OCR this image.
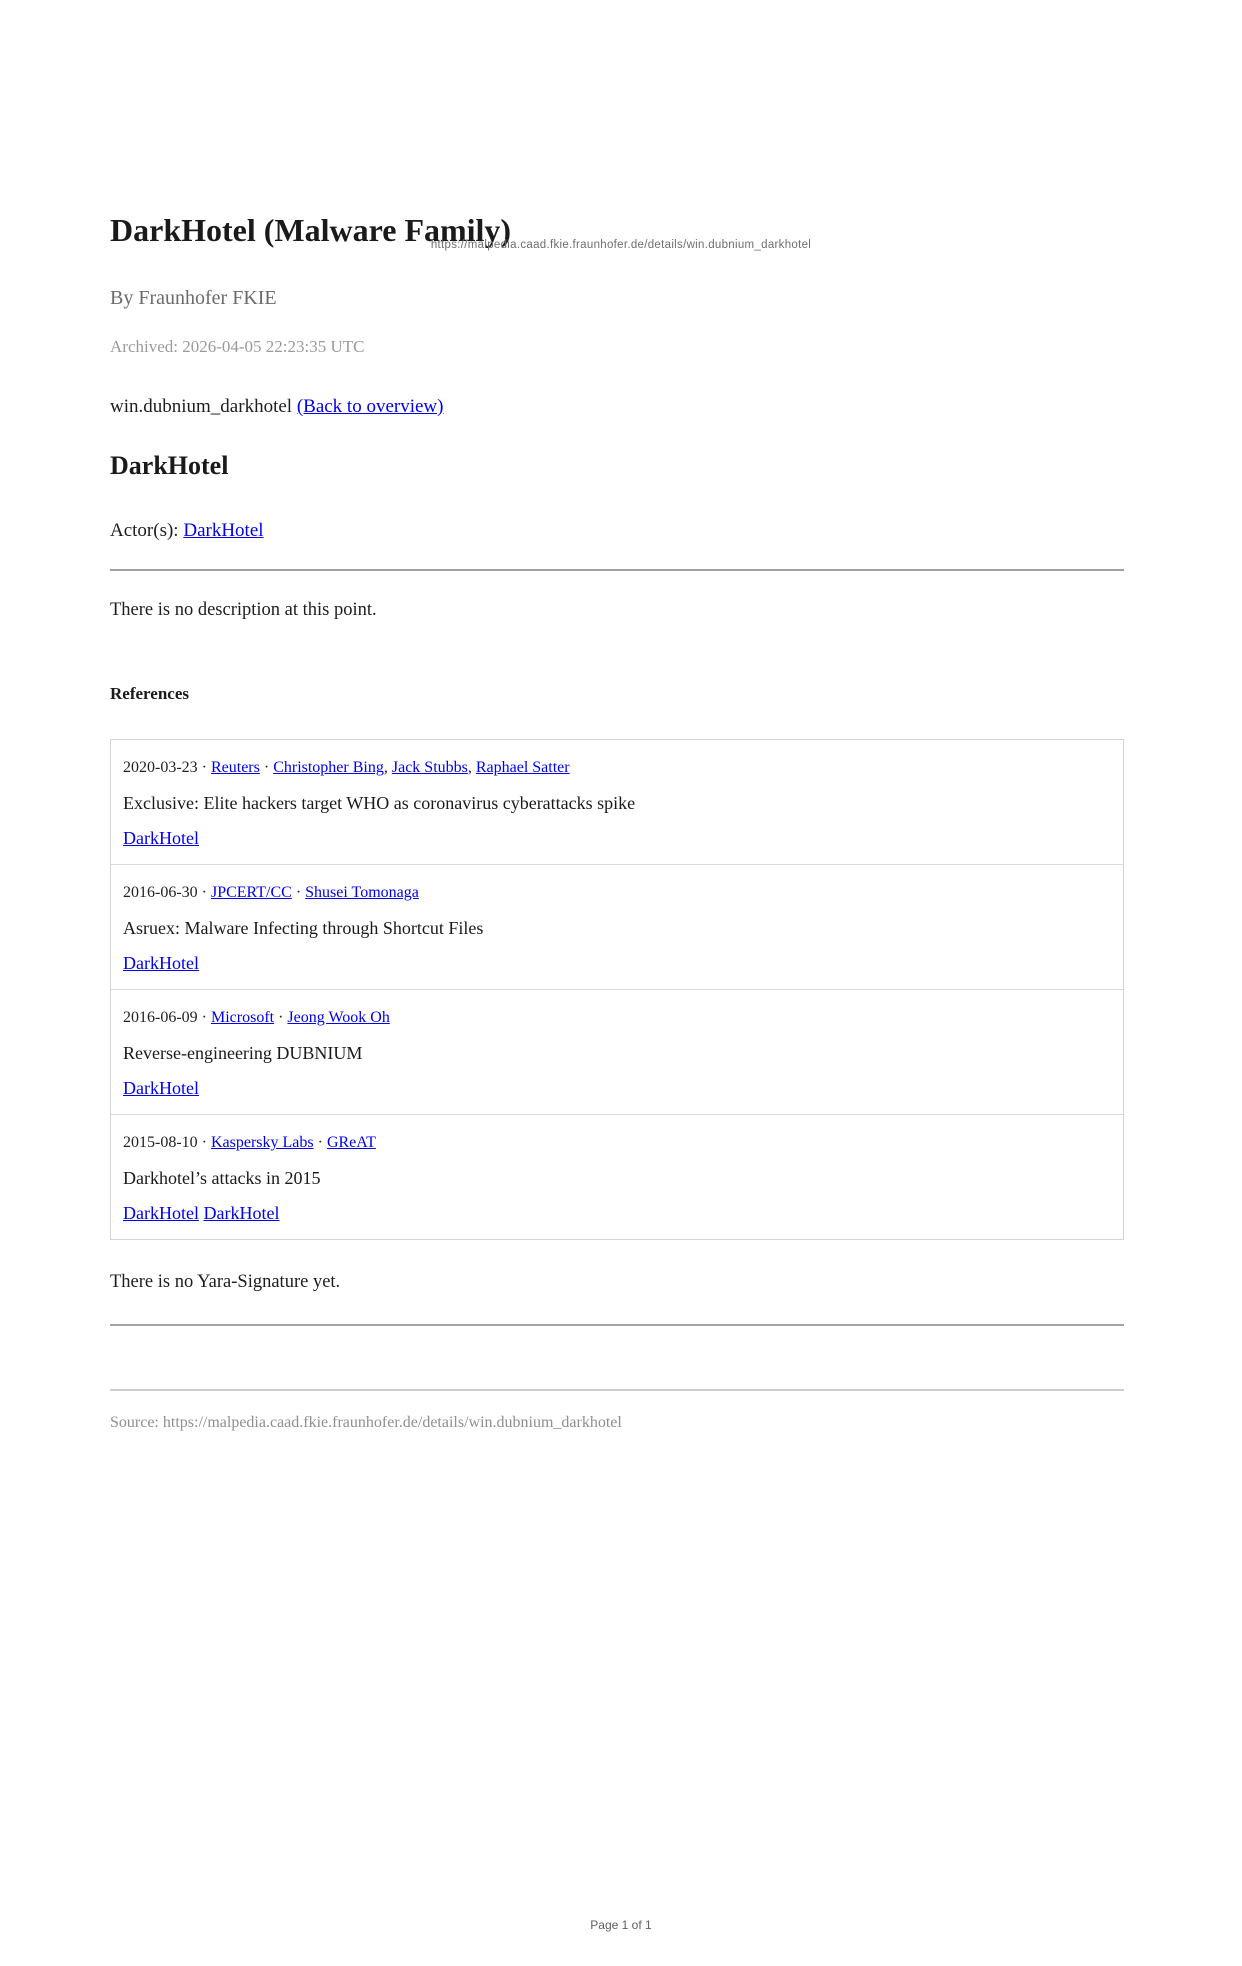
https://malpedia.caad.fkie.fraunhofer.de/details/win.dubnium_darkhotel
DarkHotel (Malware Family)
By Fraunhofer FKIE
Archived: 2026-04-05 22:23:35 UTC
win.dubnium_darkhotel (Back to overview)
DarkHotel
Actor(s): DarkHotel
There is no description at this point.
References
2020-03-23 · Reuters · Christopher Bing, Jack Stubbs, Raphael Satter
Exclusive: Elite hackers target WHO as coronavirus cyberattacks spike
DarkHotel
2016-06-30 · JPCERT/CC · Shusei Tomonaga
Asruex: Malware Infecting through Shortcut Files
DarkHotel
2016-06-09 · Microsoft · Jeong Wook Oh
Reverse-engineering DUBNIUM
DarkHotel
2015-08-10 · Kaspersky Labs · GReAT
Darkhotel’s attacks in 2015
DarkHotel DarkHotel
There is no Yara-Signature yet.
Source: https://malpedia.caad.fkie.fraunhofer.de/details/win.dubnium_darkhotel
Page 1 of 1
